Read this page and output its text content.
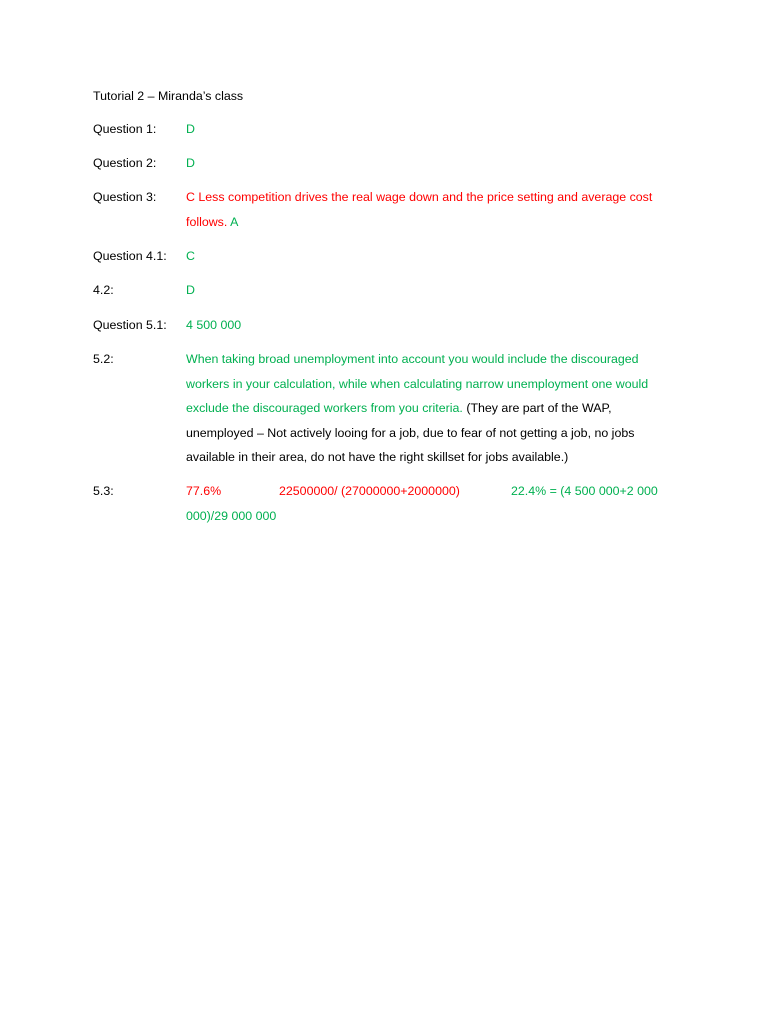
Tutorial 2 – Miranda’s class
Question 1: D
Question 2: D
Question 3: C Less competition drives the real wage down and the price setting and average cost follows. A
Question 4.1: C
4.2:	D
Question 5.1: 4 500 000
5.2:	When taking broad unemployment into account you would include the discouraged workers in your calculation, while when calculating narrow unemployment one would exclude the discouraged workers from you criteria. (They are part of the WAP, unemployed – Not actively looing for a job, due to fear of not getting a job, no jobs available in their area, do not have the right skillset for jobs available.)
5.3:	77.6%	22500000/ (27000000+2000000)	22.4% = (4 500 000+2 000 000)/29 000 000
